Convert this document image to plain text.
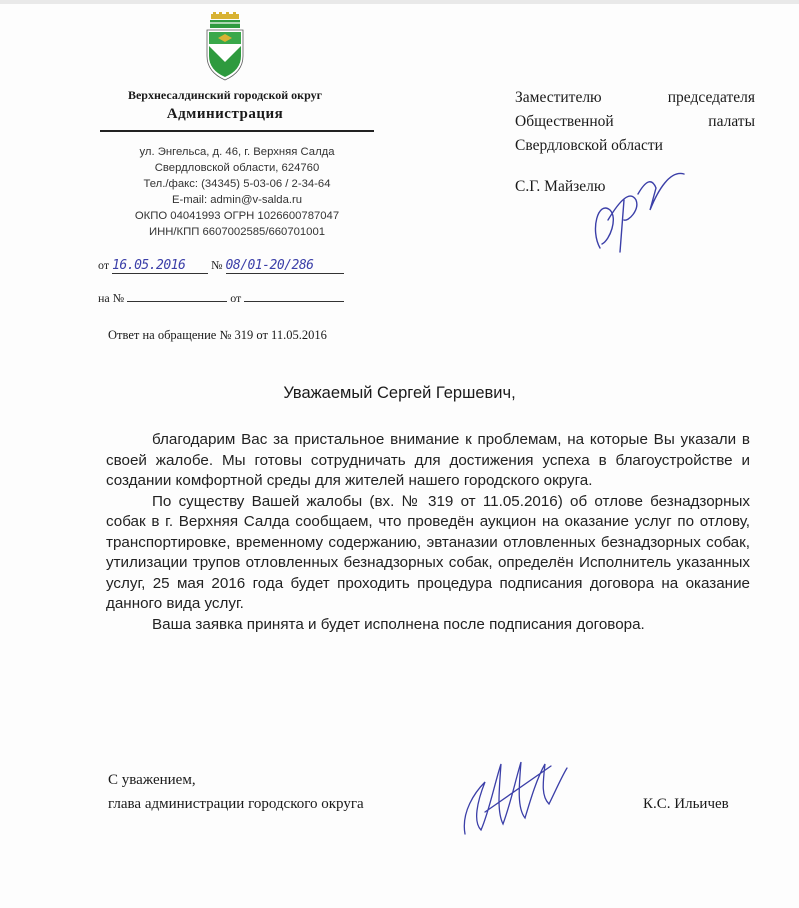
Верхнесалдинский городской округ
Администрация
ул. Энгельса, д. 46, г. Верхняя Салда
Свердловской области, 624760
Тел./факс: (34345) 5-03-06 / 2-34-64
E-mail: admin@v-salda.ru
ОКПО 04041993 ОГРН 1026600787047
ИНН/КПП 6607002585/660701001
от 16.05.2016 № 08/01-20/286
на №	от
Ответ на обращение № 319 от 11.05.2016
Заместителю	председателя
Общественной	палаты
Свердловской области
С.Г. Майзелю
Уважаемый Сергей Гершевич,

благодарим Вас за пристальное внимание к проблемам, на которые Вы указали в своей жалобе. Мы готовы сотрудничать для достижения успеха в благоустройстве и создании комфортной среды для жителей нашего городского округа.

По существу Вашей жалобы (вх. № 319 от 11.05.2016) об отлове безнадзорных собак в г. Верхняя Салда сообщаем, что проведён аукцион на оказание услуг по отлову, транспортировке, временному содержанию, эвтаназии отловленных безнадзорных собак, утилизации трупов отловленных безнадзорных собак, определён Исполнитель указанных услуг, 25 мая 2016 года будет проходить процедура подписания договора на оказание данного вида услуг.

Ваша заявка принята и будет исполнена после подписания договора.

С уважением,
глава администрации городского округа	К.С. Ильичев
